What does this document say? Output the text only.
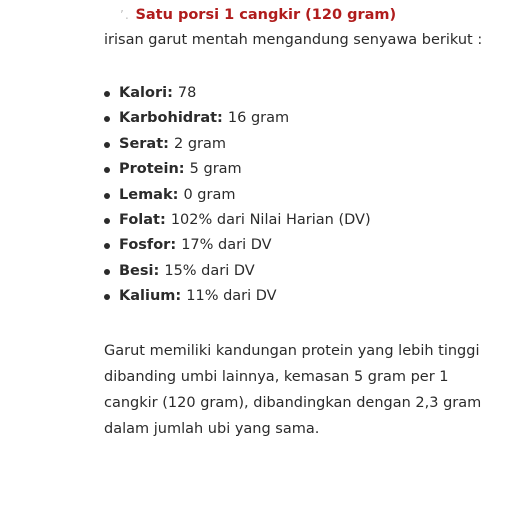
’ . Satu porsi 1 cangkir (120 gram)

irisan garut mentah mengandung senyawa berikut :

Kalori: 78
Karbohidrat: 16 gram
Serat: 2 gram
Protein: 5 gram
Lemak: 0 gram
Folat: 102% dari Nilai Harian (DV)
Fosfor: 17% dari DV
Besi: 15% dari DV
Kalium: 11% dari DV

Garut memiliki kandungan protein yang lebih tinggi dibanding umbi lainnya, kemasan 5 gram per 1 cangkir (120 gram), dibandingkan dengan 2,3 gram dalam jumlah ubi yang sama.
